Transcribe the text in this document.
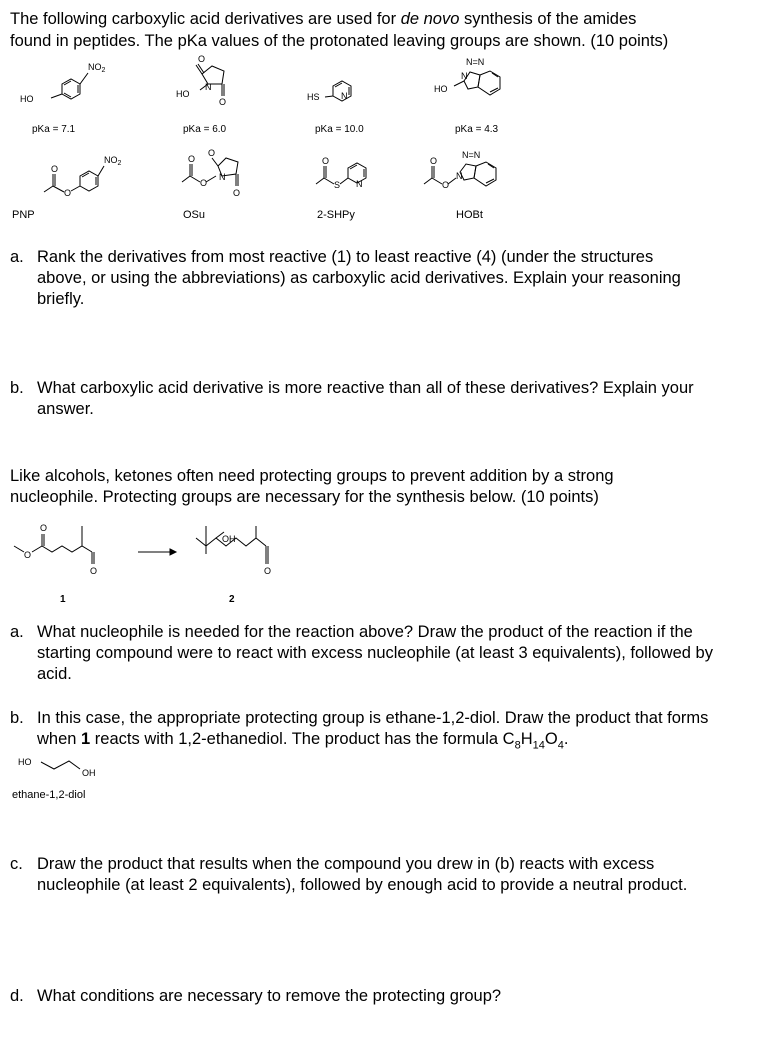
The following carboxylic acid derivatives are used for de novo synthesis of the amides

found in peptides. The pKa values of the protonated leaving groups are shown. (10 points)

$NO_2$
HO
pKa = 7.1
O
O
N
HO
pKa = 6.0
HS N
pKa = 10.0
N=N
N
HO
pKa = 4.3
O
O
$NO_2$
PNP
O
O
O
O
N
OSu
O
S N
2-SHPy
O
O
N=N
N
HOBt
a. Rank the derivatives from most reactive (1) to least reactive (4) (under the structures above, or using the abbreviations) as carboxylic acid derivatives. Explain your reasoning briefly.
b. What carboxylic acid derivative is more reactive than all of these derivatives? Explain your answer.

Like alcohols, ketones often need protecting groups to prevent addition by a strong

nucleophile. Protecting groups are necessary for the synthesis below. (10 points)

O
O
O
OH
O
1	2
a. What nucleophile is needed for the reaction above? Draw the product of the reaction if the starting compound were to react with excess nucleophile (at least 3 equivalents), followed by acid.
b. In this case, the appropriate protecting group is ethane-1,2-diol. Draw the product that forms when 1 reacts with 1,2-ethanediol. The product has the formula $C_8H_{14}O_4$.
HO
OH
ethane-1,2-diol
c. Draw the product that results when the compound you drew in (b) reacts with excess nucleophile (at least 2 equivalents), followed by enough acid to provide a neutral product.
d. What conditions are necessary to remove the protecting group?
